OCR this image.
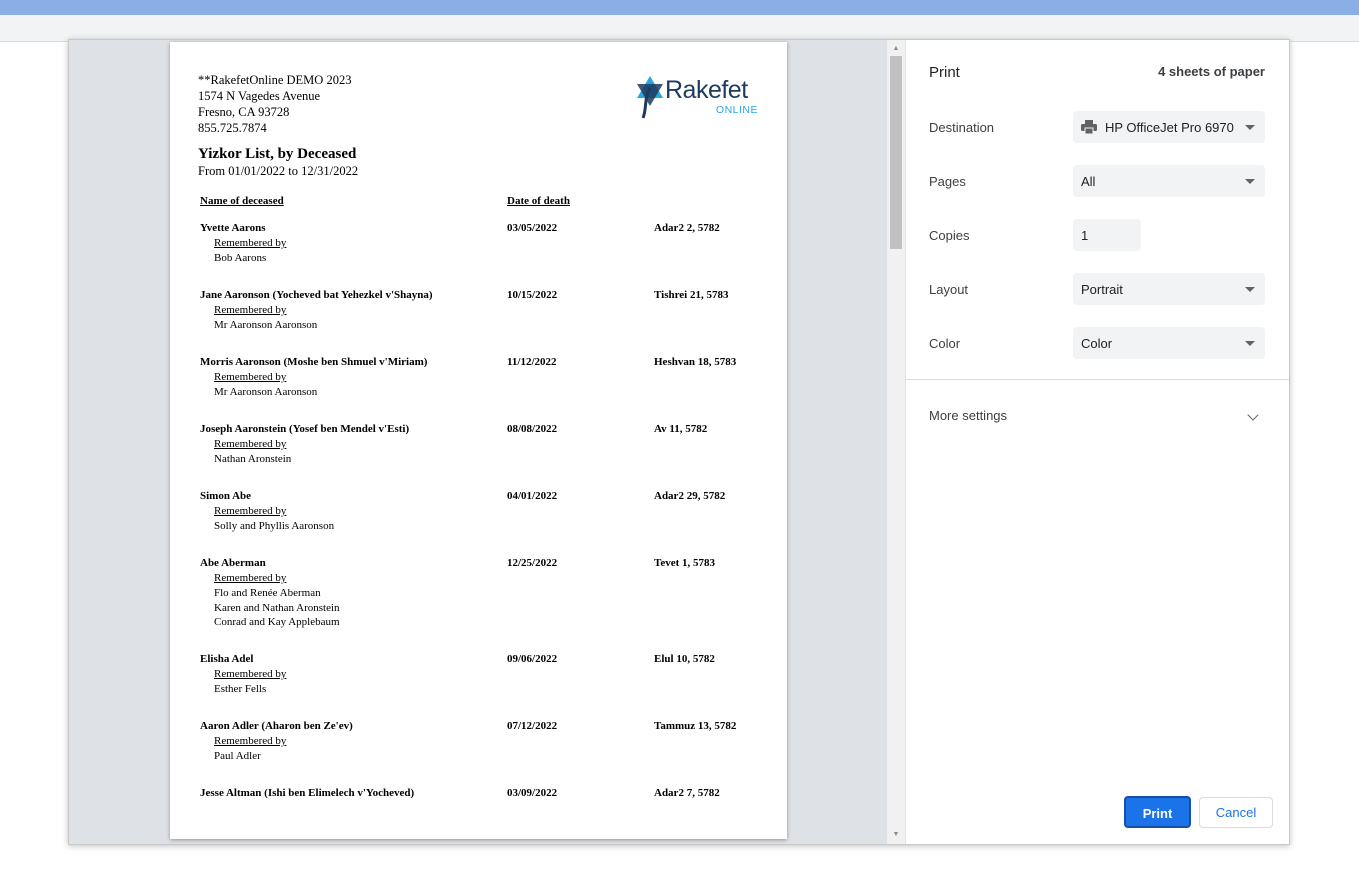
**RakefetOnline DEMO 2023
1574 N Vagedes Avenue
Fresno, CA 93728
855.725.7874
Rakefet
ONLINE
Yizkor List, by Deceased
From 01/01/2022 to 12/31/2022
Name of deceased	Date of death
Yvette Aarons	03/05/2022	Adar2 2, 5782
Remembered by
Bob Aarons
Jane Aaronson (Yocheved bat Yehezkel v'Shayna)	10/15/2022	Tishrei 21, 5783
Remembered by
Mr Aaronson Aaronson
Morris Aaronson (Moshe ben Shmuel v'Miriam)	11/12/2022	Heshvan 18, 5783
Remembered by
Mr Aaronson Aaronson
Joseph Aaronstein (Yosef ben Mendel v'Esti)	08/08/2022	Av 11, 5782
Remembered by
Nathan Aronstein
Simon Abe	04/01/2022	Adar2 29, 5782
Remembered by
Solly and Phyllis Aaronson
Abe Aberman	12/25/2022	Tevet 1, 5783
Remembered by
Flo and Renée Aberman
Karen and Nathan Aronstein
Conrad and Kay Applebaum
Elisha Adel	09/06/2022	Elul 10, 5782
Remembered by
Esther Fells
Aaron Adler (Aharon ben Ze'ev)	07/12/2022	Tammuz 13, 5782
Remembered by
Paul Adler
Jesse Altman (Ishi ben Elimelech v'Yocheved)	03/09/2022	Adar2 7, 5782
▲
▼
Print	4 sheets of paper
Destination	HP OfficeJet Pro 6970
Pages	All
Copies	1
Layout	Portrait
Color	Color
More settings
Print	Cancel
